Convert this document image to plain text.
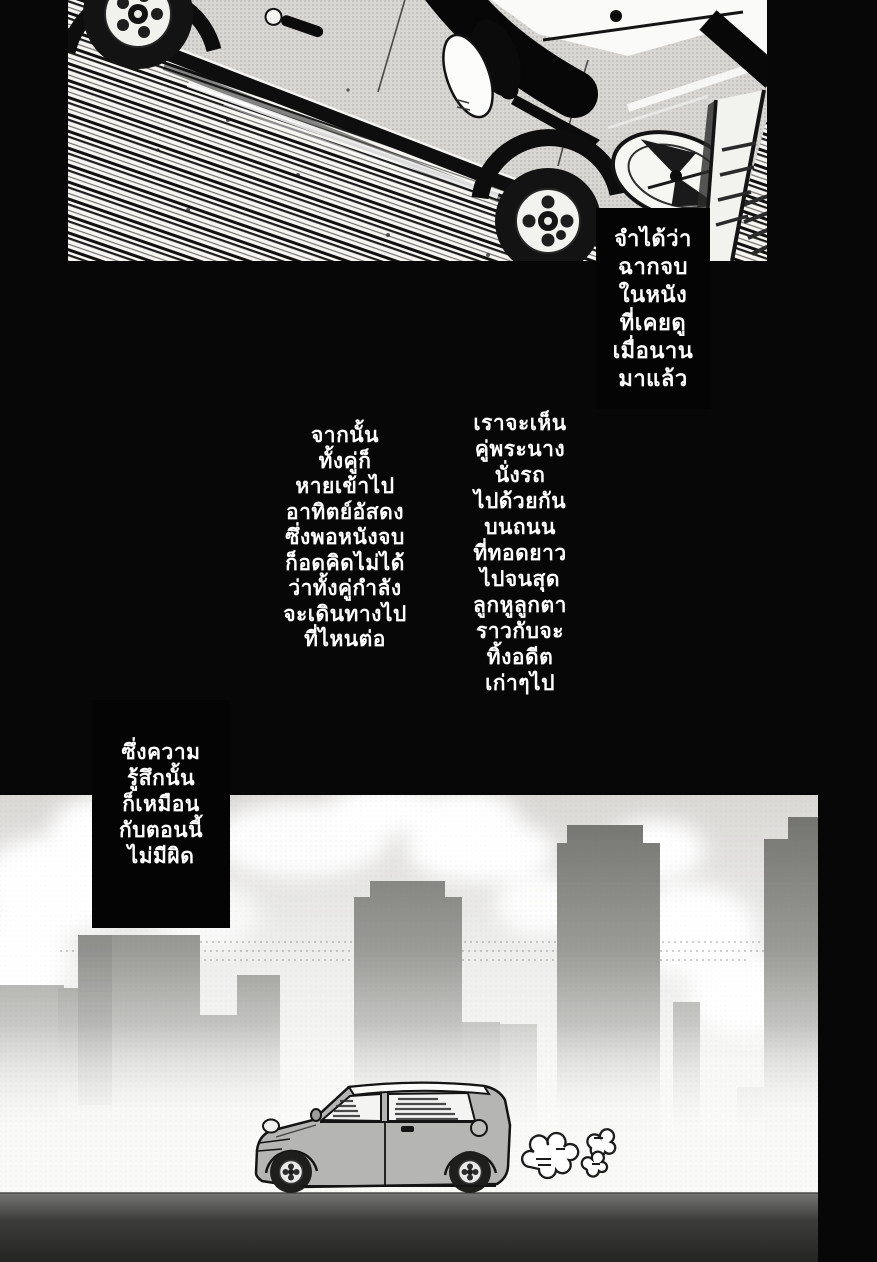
จำได้ว่า
ฉากจบ
ในหนัง
ที่เคยดู
เมื่อนาน
มาแล้ว
จากนั้น
ทั้งคู่ก็
หายเข้าไป
อาทิตย์อัสดง
ซึ่งพอหนังจบ
ก็อดคิดไม่ได้
ว่าทั้งคู่กำลัง
จะเดินทางไป
ที่ไหนต่อ
เราจะเห็น
คู่พระนาง
นั่งรถ
ไปด้วยกัน
บนถนน
ที่ทอดยาว
ไปจนสุด
ลูกหูลูกตา
ราวกับจะ
ทิ้งอดีต
เก่าๆไป
ซึ่งความ
รู้สึกนั้น
ก็เหมือน
กับตอนนี้
ไม่มีผิด
